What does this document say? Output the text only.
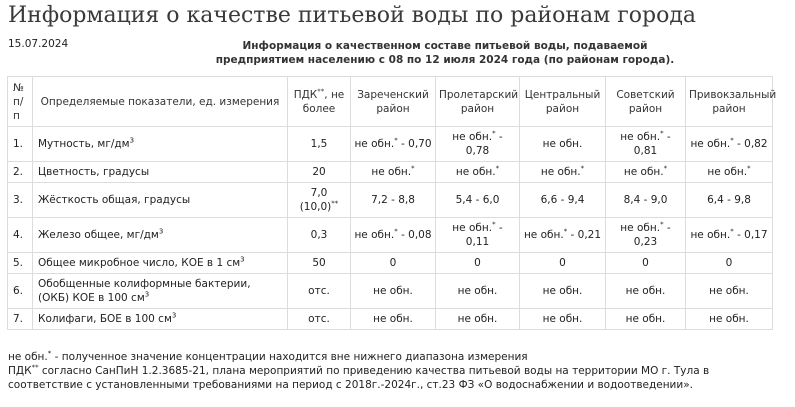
Информация о качестве питьевой воды по районам города
15.07.2024	Информация о качественном составе питьевой воды, подаваемой
предприятием населению с 08 по 12 июля 2024 года (по районам города).
№ п/п	Определяемые показатели, ед. измерения	ПДК**, не более	Зареченский район	Пролетарский район	Центральный район	Советский район	Привокзальный район
1.	Мутность, $мг/дм^3$	1,5	не обн.* - 0,70	не обн.* - 0,78	не обн.	не обн.* - 0,81	не обн.* - 0,82
2.	Цветность, градусы	20	не обн.*	не обн.*	не обн.*	не обн.*	не обн.*
3.	Жёсткость общая, градусы	7,0 (10,0)**	7,2 - 8,8	5,4 - 6,0	6,6 - 9,4	8,4 - 9,0	6,4 - 9,8
4.	Железо общее, $мг/дм^3$	0,3	не обн.* - 0,08	не обн.* - 0,11	не обн.* - 0,21	не обн.* - 0,23	не обн.* - 0,17
5.	Общее микробное число, КОЕ в 1 $см^3$	50	0	0	0	0	0
6.	Обобщенные колиформные бактерии, (ОКБ) КОЕ в 100 $см^3$	отс.	не обн.	не обн.	не обн.	не обн.	не обн.
7.	Колифаги, БОЕ в 100 $см^3$	отс.	не обн.	не обн.	не обн.	не обн.	не обн.
не обн.* - полученное значение концентрации находится вне нижнего диапазона измерения
ПДК** согласно СанПиН 1.2.3685-21, плана мероприятий по приведению качества питьевой воды на территории МО г. Тула в
соответствие с установленными требованиями на период с 2018г.-2024г., ст.23 ФЗ «О водоснабжении и водоотведении».
